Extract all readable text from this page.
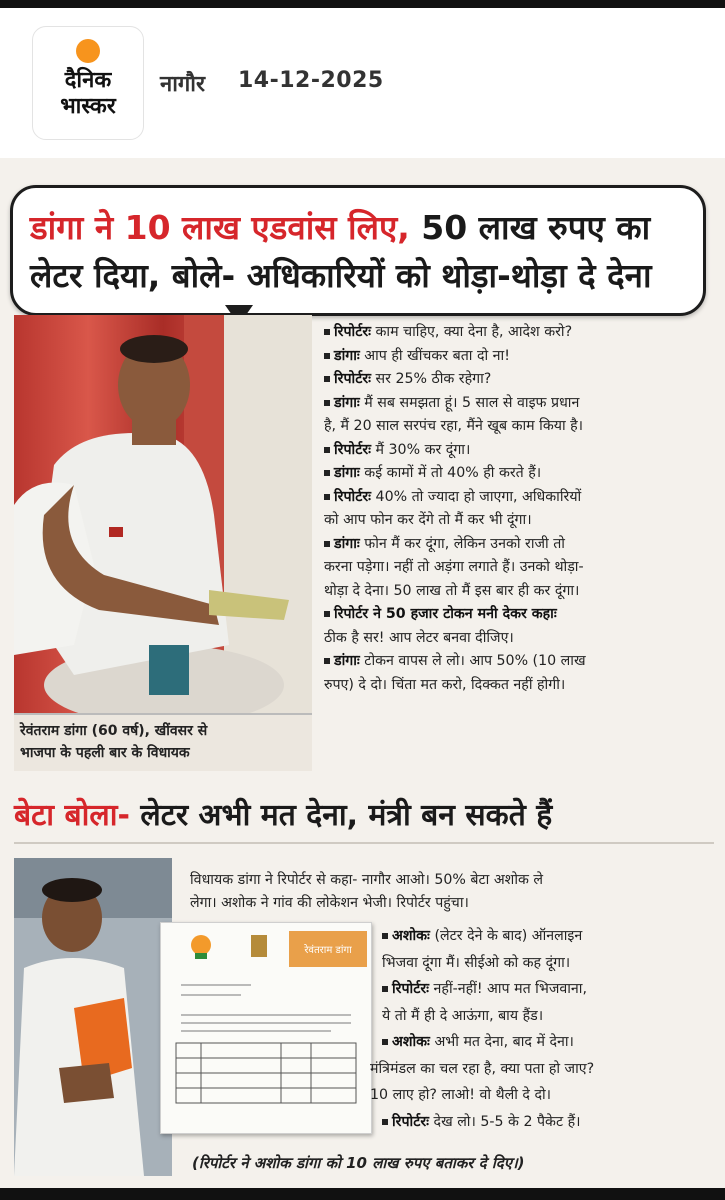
दैनिक
भास्कर
नागौर 14-12-2025
डांगा ने 10 लाख एडवांस लिए, 50 लाख रुपए का
लेटर दिया, बोले- अधिकारियों को थोड़ा-थोड़ा दे देना
रेवंतराम डांगा (60 वर्ष), खींवसर से
भाजपा के पहली बार के विधायक
रिपोर्टरः काम चाहिए, क्या देना है, आदेश करो?
डांगाः आप ही खींचकर बता दो ना!
रिपोर्टरः सर 25% ठीक रहेगा?
डांगाः मैं सब समझता हूं। 5 साल से वाइफ प्रधान
है, मैं 20 साल सरपंच रहा, मैंने खूब काम किया है।
रिपोर्टरः मैं 30% कर दूंगा।
डांगाः कई कामों में तो 40% ही करते हैं।
रिपोर्टरः 40% तो ज्यादा हो जाएगा, अधिकारियों
को आप फोन कर देंगे तो मैं कर भी दूंगा।
डांगाः फोन मैं कर दूंगा, लेकिन उनको राजी तो
करना पड़ेगा। नहीं तो अड़ंगा लगाते हैं। उनको थोड़ा-
थोड़ा दे देना। 50 लाख तो मैं इस बार ही कर दूंगा।
रिपोर्टर ने 50 हजार टोकन मनी देकर कहाः
ठीक है सर! आप लेटर बनवा दीजिए।
डांगाः टोकन वापस ले लो। आप 50% (10 लाख
रुपए) दे दो। चिंता मत करो, दिक्कत नहीं होगी।
बेटा बोला- लेटर अभी मत देना, मंत्री बन सकते हैं
रेवंतराम डांगा
विधायक डांगा ने रिपोर्टर से कहा- नागौर आओ। 50% बेटा अशोक ले
लेगा। अशोक ने गांव की लोकेशन भेजी। रिपोर्टर पहुंचा।
अशोकः (लेटर देने के बाद) ऑनलाइन
भिजवा दूंगा मैं। सीईओ को कह दूंगा।
रिपोर्टरः नहीं-नहीं! आप मत भिजवाना,
ये तो मैं ही दे आऊंगा, बाय हैंड।
अशोकः अभी मत देना, बाद में देना।
मंत्रिमंडल का चल रहा है, क्या पता हो जाए?
10 लाए हो? लाओ! वो थैली दे दो।
रिपोर्टरः देख लो। 5-5 के 2 पैकेट हैं।
(रिपोर्टर ने अशोक डांगा को 10 लाख रुपए बताकर दे दिए।)
